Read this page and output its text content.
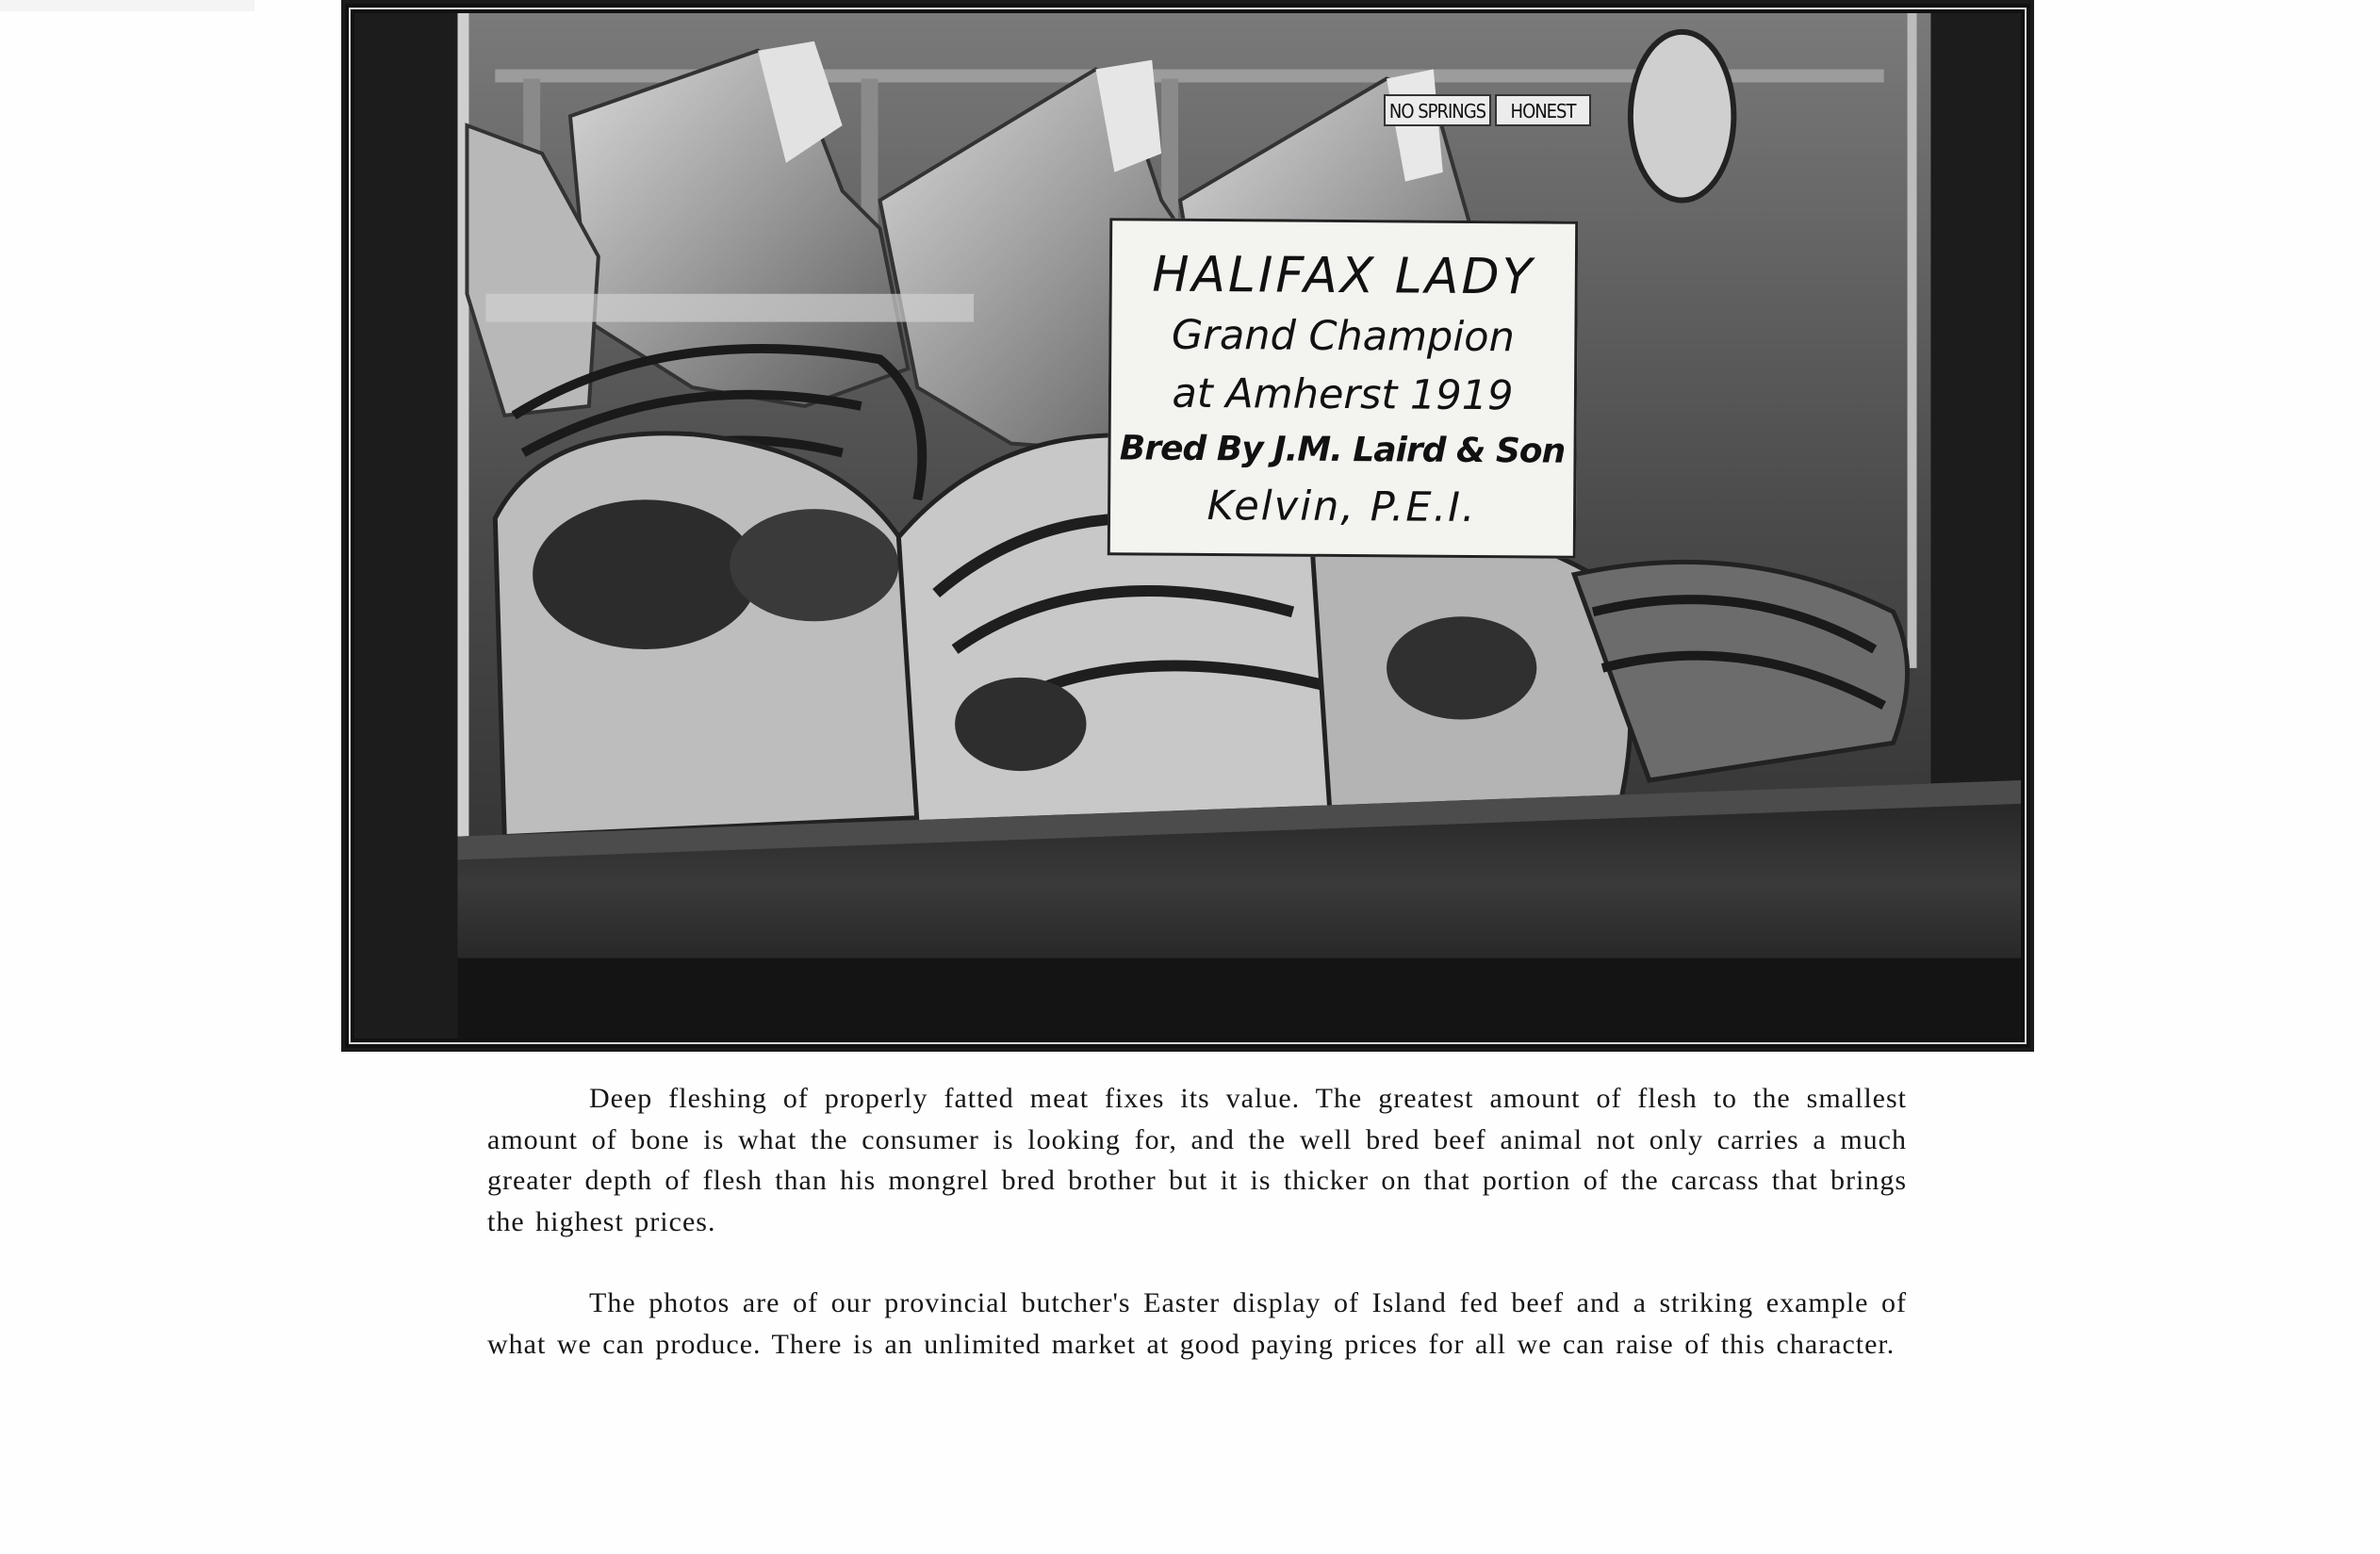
NO SPRINGS	HONEST
HALIFAX LADY
Grand Champion
at Amherst 1919
Bred By J.M. Laird & Son
Kelvin, P.E.I.

Deep fleshing of properly fatted meat fixes its value. The greatest amount of flesh to the smallest amount of bone is what the consumer is looking for, and the well bred beef animal not only carries a much greater depth of flesh than his mongrel bred brother but it is thicker on that portion of the carcass that brings the highest prices.

The photos are of our provincial butcher's Easter display of Island fed beef and a striking example of what we can produce. There is an unlimited market at good paying prices for all we can raise of this character.
